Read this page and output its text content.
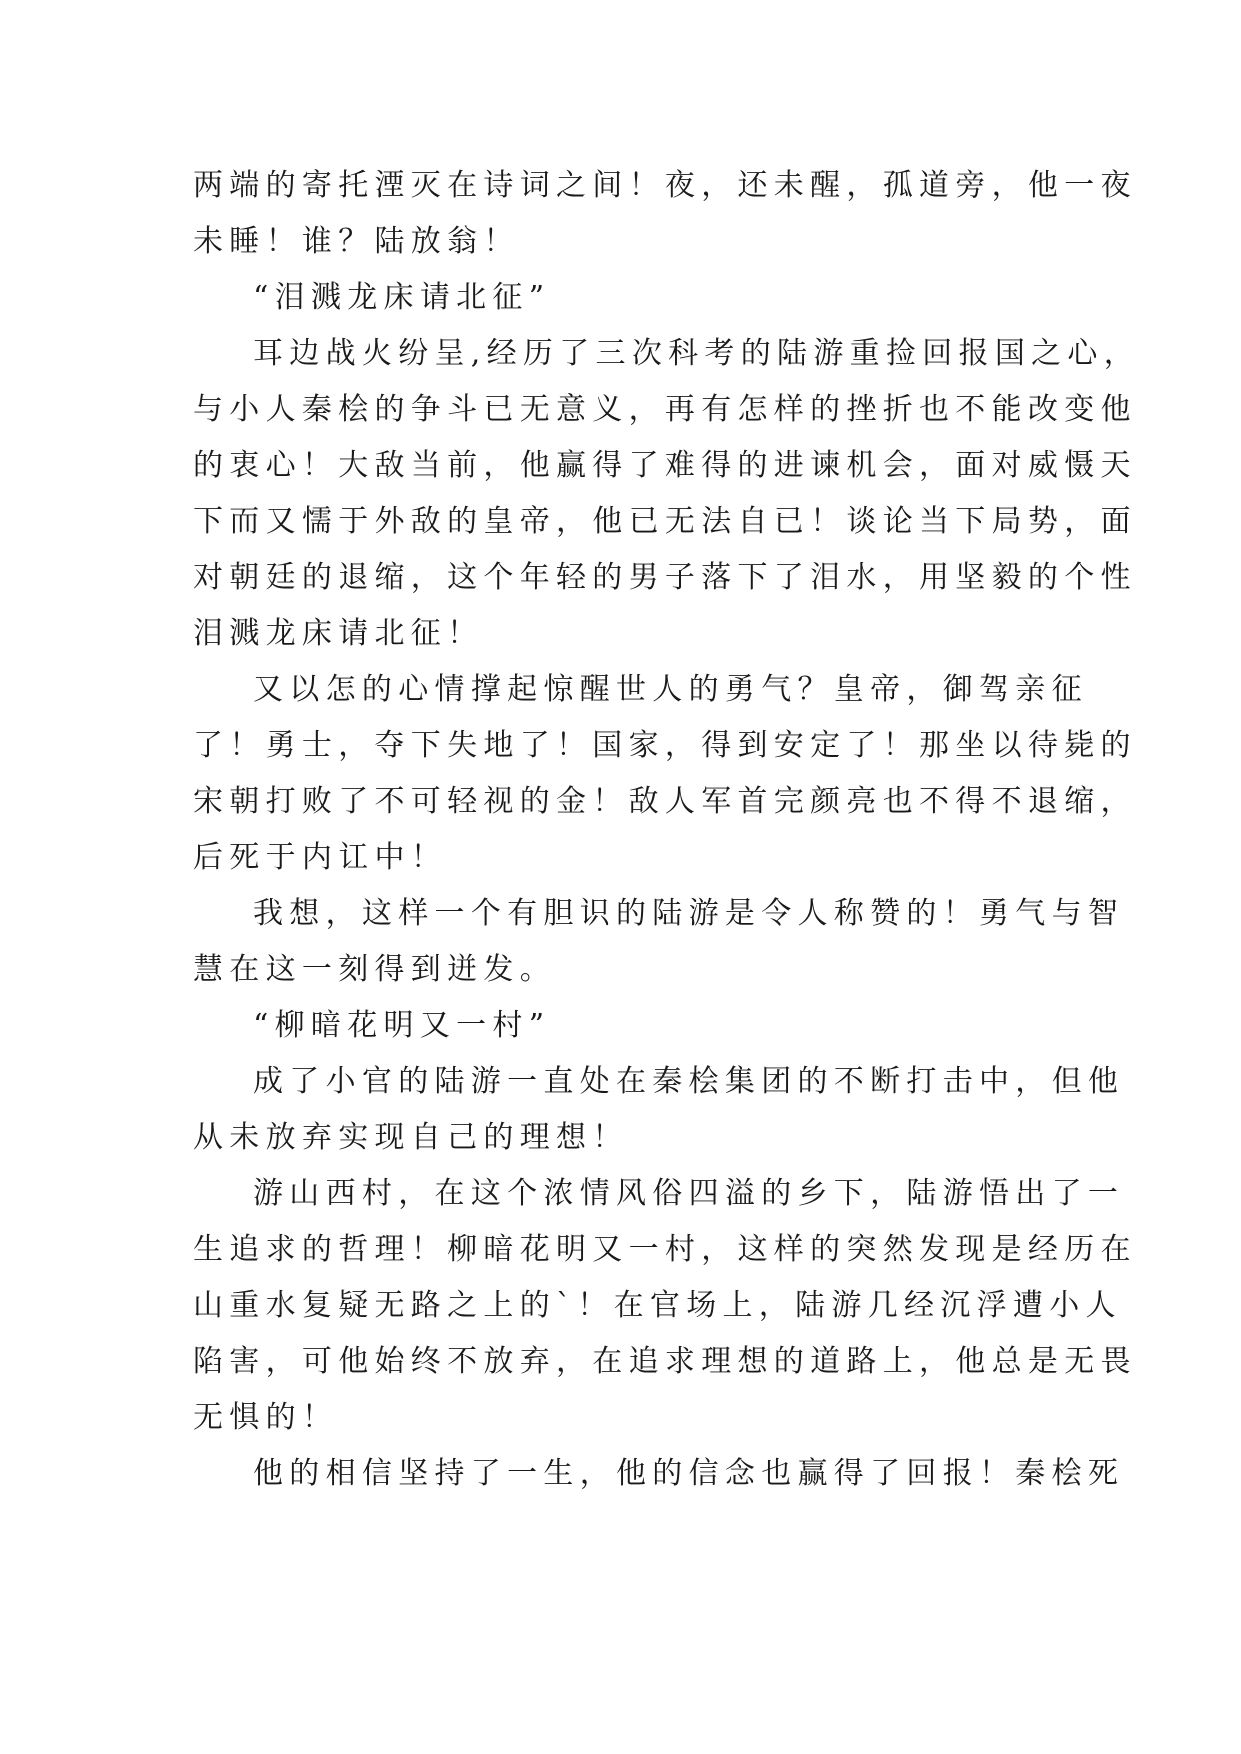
两端的寄托湮灭在诗词之间！夜，还未醒，孤道旁，他一夜
未睡！谁？陆放翁！
“泪溅龙床请北征”
耳边战火纷呈,经历了三次科考的陆游重捡回报国之心，
与小人秦桧的争斗已无意义，再有怎样的挫折也不能改变他
的衷心！大敌当前，他赢得了难得的进谏机会，面对威慑天
下而又懦于外敌的皇帝，他已无法自已！谈论当下局势，面
对朝廷的退缩，这个年轻的男子落下了泪水，用坚毅的个性
泪溅龙床请北征！
又以怎的心情撑起惊醒世人的勇气？皇帝，御驾亲征
了！勇士，夺下失地了！国家，得到安定了！那坐以待毙的
宋朝打败了不可轻视的金！敌人军首完颜亮也不得不退缩，
后死于内讧中！
我想，这样一个有胆识的陆游是令人称赞的！勇气与智
慧在这一刻得到迸发。
“柳暗花明又一村”
成了小官的陆游一直处在秦桧集团的不断打击中，但他
从未放弃实现自己的理想！
游山西村，在这个浓情风俗四溢的乡下，陆游悟出了一
生追求的哲理！柳暗花明又一村，这样的突然发现是经历在
山重水复疑无路之上的`！在官场上，陆游几经沉浮遭小人
陷害，可他始终不放弃，在追求理想的道路上，他总是无畏
无惧的！
他的相信坚持了一生，他的信念也赢得了回报！秦桧死
